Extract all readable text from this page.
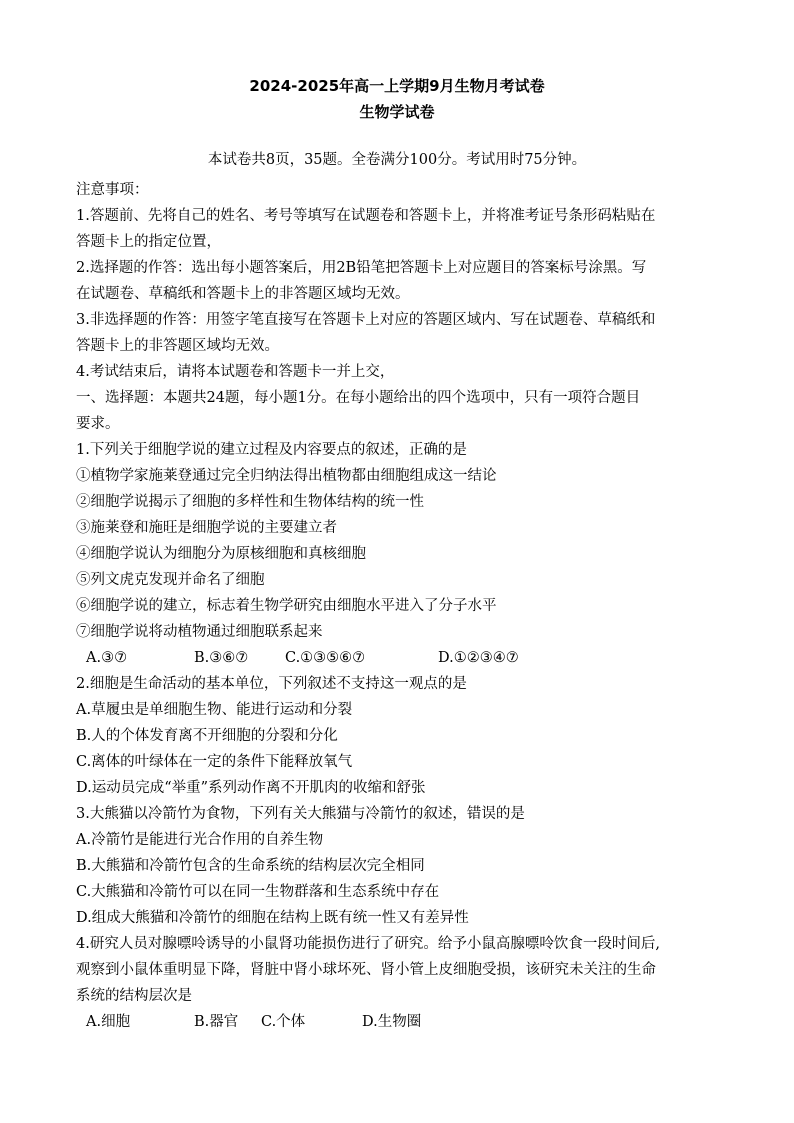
2024-2025年高一上学期9月生物月考试卷
生物学试卷
本试卷共8页，35题。全卷满分100分。考试用时75分钟。
注意事项：
1.答题前、先将自己的姓名、考号等填写在试题卷和答题卡上，并将准考证号条形码粘贴在
答题卡上的指定位置，
2.选择题的作答：选出每小题答案后，用2B铅笔把答题卡上对应题目的答案标号涂黑。写
在试题卷、草稿纸和答题卡上的非答题区域均无效。
3.非选择题的作答：用签字笔直接写在答题卡上对应的答题区域内、写在试题卷、草稿纸和
答题卡上的非答题区域均无效。
4.考试结束后，请将本试题卷和答题卡一并上交，
一、选择题：本题共24题，每小题1分。在每小题给出的四个选项中，只有一项符合题目
要求。
1.下列关于细胞学说的建立过程及内容要点的叙述，正确的是
①植物学家施莱登通过完全归纳法得出植物都由细胞组成这一结论
②细胞学说揭示了细胞的多样性和生物体结构的统一性
③施莱登和施旺是细胞学说的主要建立者
④细胞学说认为细胞分为原核细胞和真核细胞
⑤列文虎克发现并命名了细胞
⑥细胞学说的建立，标志着生物学研究由细胞水平进入了分子水平
⑦细胞学说将动植物通过细胞联系起来
A.③⑦	B.③⑥⑦	C.①③⑤⑥⑦	D.①②③④⑦
2.细胞是生命活动的基本单位，下列叙述不支持这一观点的是
A.草履虫是单细胞生物、能进行运动和分裂
B.人的个体发育离不开细胞的分裂和分化
C.离体的叶绿体在一定的条件下能释放氧气
D.运动员完成“举重”系列动作离不开肌肉的收缩和舒张
3.大熊猫以冷箭竹为食物，下列有关大熊猫与冷箭竹的叙述，错误的是
A.冷箭竹是能进行光合作用的自养生物
B.大熊猫和冷箭竹包含的生命系统的结构层次完全相同
C.大熊猫和冷箭竹可以在同一生物群落和生态系统中存在
D.组成大熊猫和冷箭竹的细胞在结构上既有统一性又有差异性
4.研究人员对腺嘌呤诱导的小鼠肾功能损伤进行了研究。给予小鼠高腺嘌呤饮食一段时间后,
观察到小鼠体重明显下降，肾脏中肾小球坏死、肾小管上皮细胞受损，该研究未关注的生命
系统的结构层次是
A.细胞	B.器官 C.个体	D.生物圈
